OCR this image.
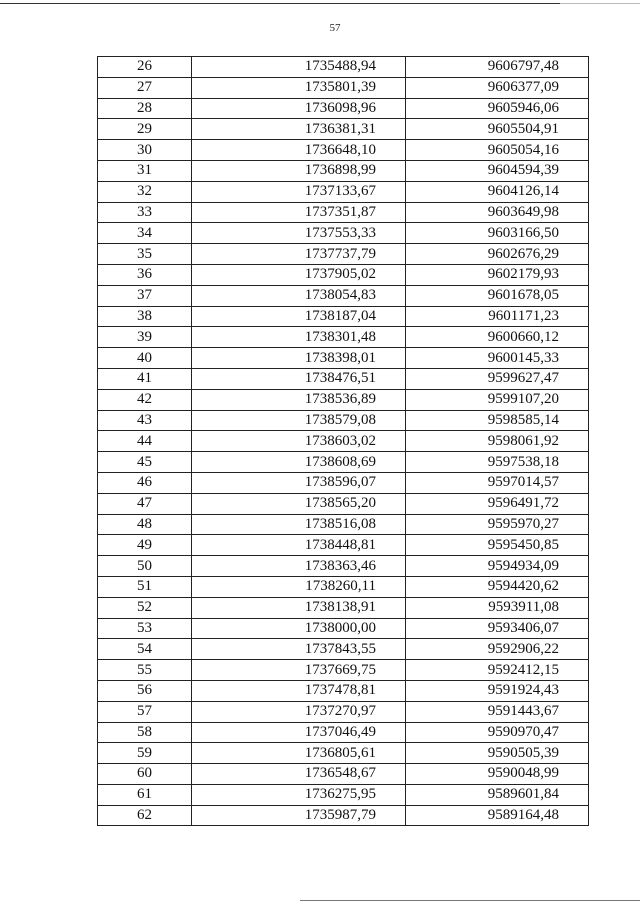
57
26	1735488,94	9606797,48
27	1735801,39	9606377,09
28	1736098,96	9605946,06
29	1736381,31	9605504,91
30	1736648,10	9605054,16
31	1736898,99	9604594,39
32	1737133,67	9604126,14
33	1737351,87	9603649,98
34	1737553,33	9603166,50
35	1737737,79	9602676,29
36	1737905,02	9602179,93
37	1738054,83	9601678,05
38	1738187,04	9601171,23
39	1738301,48	9600660,12
40	1738398,01	9600145,33
41	1738476,51	9599627,47
42	1738536,89	9599107,20
43	1738579,08	9598585,14
44	1738603,02	9598061,92
45	1738608,69	9597538,18
46	1738596,07	9597014,57
47	1738565,20	9596491,72
48	1738516,08	9595970,27
49	1738448,81	9595450,85
50	1738363,46	9594934,09
51	1738260,11	9594420,62
52	1738138,91	9593911,08
53	1738000,00	9593406,07
54	1737843,55	9592906,22
55	1737669,75	9592412,15
56	1737478,81	9591924,43
57	1737270,97	9591443,67
58	1737046,49	9590970,47
59	1736805,61	9590505,39
60	1736548,67	9590048,99
61	1736275,95	9589601,84
62	1735987,79	9589164,48
